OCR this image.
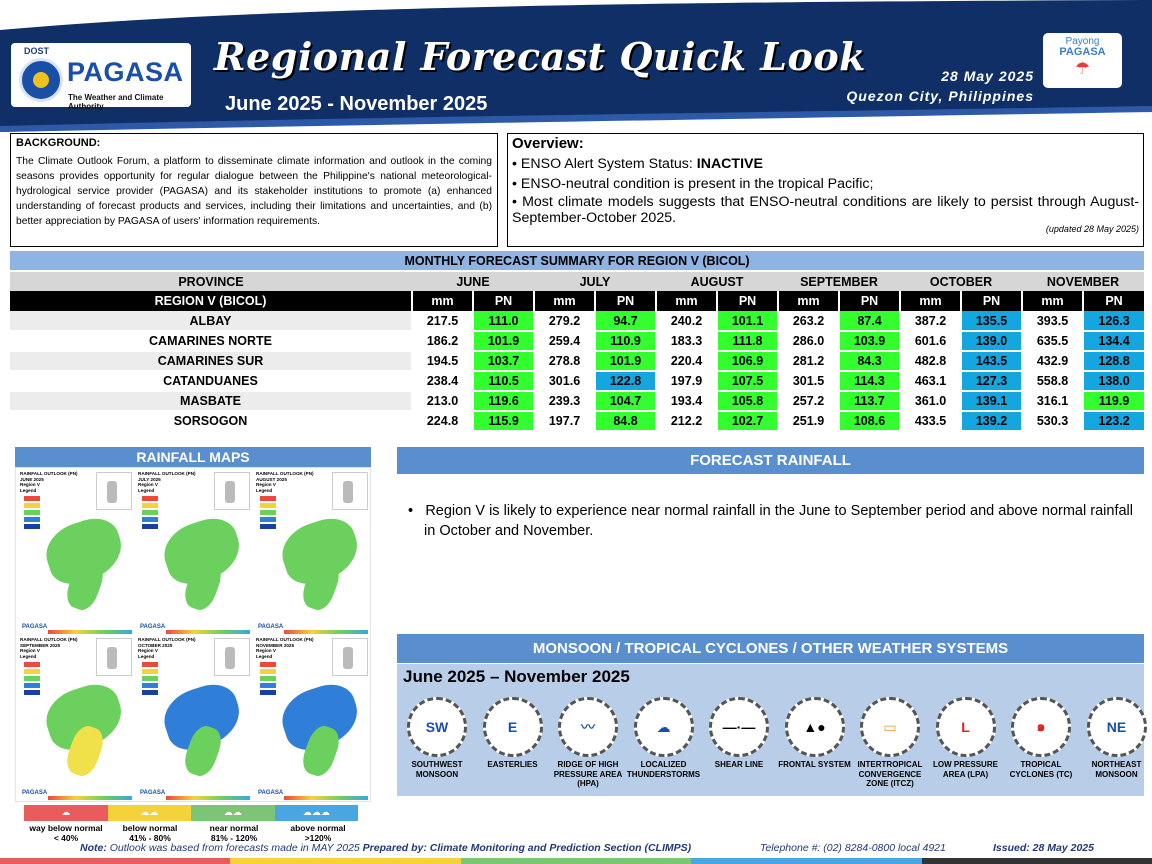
DOST
PAGASA
The Weather and Climate Authority
Regional Forecast Quick Look
June 2025 - November 2025
28 May 2025
Quezon City, Philippines
Payong
PAGASA
☂
BACKGROUND:

The Climate Outlook Forum, a platform to disseminate climate information and outlook in the coming seasons provides opportunity for regular dialogue between the Philippine's national meteorological-hydrological service provider (PAGASA) and its stakeholder institutions to promote (a) enhanced understanding of forecast products and services, including their limitations and uncertainties, and (b) better appreciation by PAGASA of users' information requirements.

Overview:
• ENSO Alert System Status: INACTIVE
• ENSO-neutral condition is present in the tropical Pacific;
• Most climate models suggests that ENSO-neutral conditions are likely to persist through August-September-October 2025.
(updated 28 May 2025)
MONTHLY FORECAST SUMMARY FOR REGION V (BICOL)												
PROVINCE	JUNE		JULY		AUGUST		SEPTEMBER		OCTOBER		NOVEMBER	
REGION V (BICOL)	mm	PN	mm	PN	mm	PN	mm	PN	mm	PN	mm	PN
ALBAY	217.5	111.0	279.2	94.7	240.2	101.1	263.2	87.4	387.2	135.5	393.5	126.3
CAMARINES NORTE	186.2	101.9	259.4	110.9	183.3	111.8	286.0	103.9	601.6	139.0	635.5	134.4
CAMARINES SUR	194.5	103.7	278.8	101.9	220.4	106.9	281.2	84.3	482.8	143.5	432.9	128.8
CATANDUANES	238.4	110.5	301.6	122.8	197.9	107.5	301.5	114.3	463.1	127.3	558.8	138.0
MASBATE	213.0	119.6	239.3	104.7	193.4	105.8	257.2	113.7	361.0	139.1	316.1	119.9
SORSOGON	224.8	115.9	197.7	84.8	212.2	102.7	251.9	108.6	433.5	139.2	530.3	123.2
RAINFALL MAPS
RAINFALL OUTLOOK (PN)
JUNE 2025
Region V
Legend
PAGASA
RAINFALL OUTLOOK (PN)
JULY 2025
Region V
Legend
PAGASA
RAINFALL OUTLOOK (PN)
AUGUST 2025
Region V
Legend
PAGASA
RAINFALL OUTLOOK (PN)
SEPTEMBER 2025
Region V
Legend
PAGASA
RAINFALL OUTLOOK (PN)
OCTOBER 2025
Region V
Legend
PAGASA
RAINFALL OUTLOOK (PN)
NOVEMBER 2025
Region V
Legend
PAGASA
☁	☁☁	☁☁	☁☁☁
way below normal
< 40%
below normal
41% - 80%
near normal
81% - 120%
above normal
>120%
FORECAST RAINFALL
•   Region V is likely to experience near normal rainfall in the June to September period and above normal rainfall in October and November.
MONSOON / TROPICAL CYCLONES / OTHER WEATHER SYSTEMS
June 2025 – November 2025
SW
SOUTHWEST MONSOON
E
EASTERLIES
〰
RIDGE OF HIGH PRESSURE AREA (HPA)
☁
LOCALIZED THUNDERSTORMS
—·—
SHEAR LINE
▲●
FRONTAL SYSTEM
▭
INTERTROPICAL CONVERGENCE ZONE (ITCZ)
L
LOW PRESSURE AREA (LPA)
๑
TROPICAL CYCLONES (TC)
NE
NORTHEAST MONSOON
Note: Outlook was based from forecasts made in MAY 2025 Prepared by: Climate Monitoring and Prediction Section (CLIMPS)	Telephone #: (02) 8284-0800 local 4921	Issued: 28 May 2025
